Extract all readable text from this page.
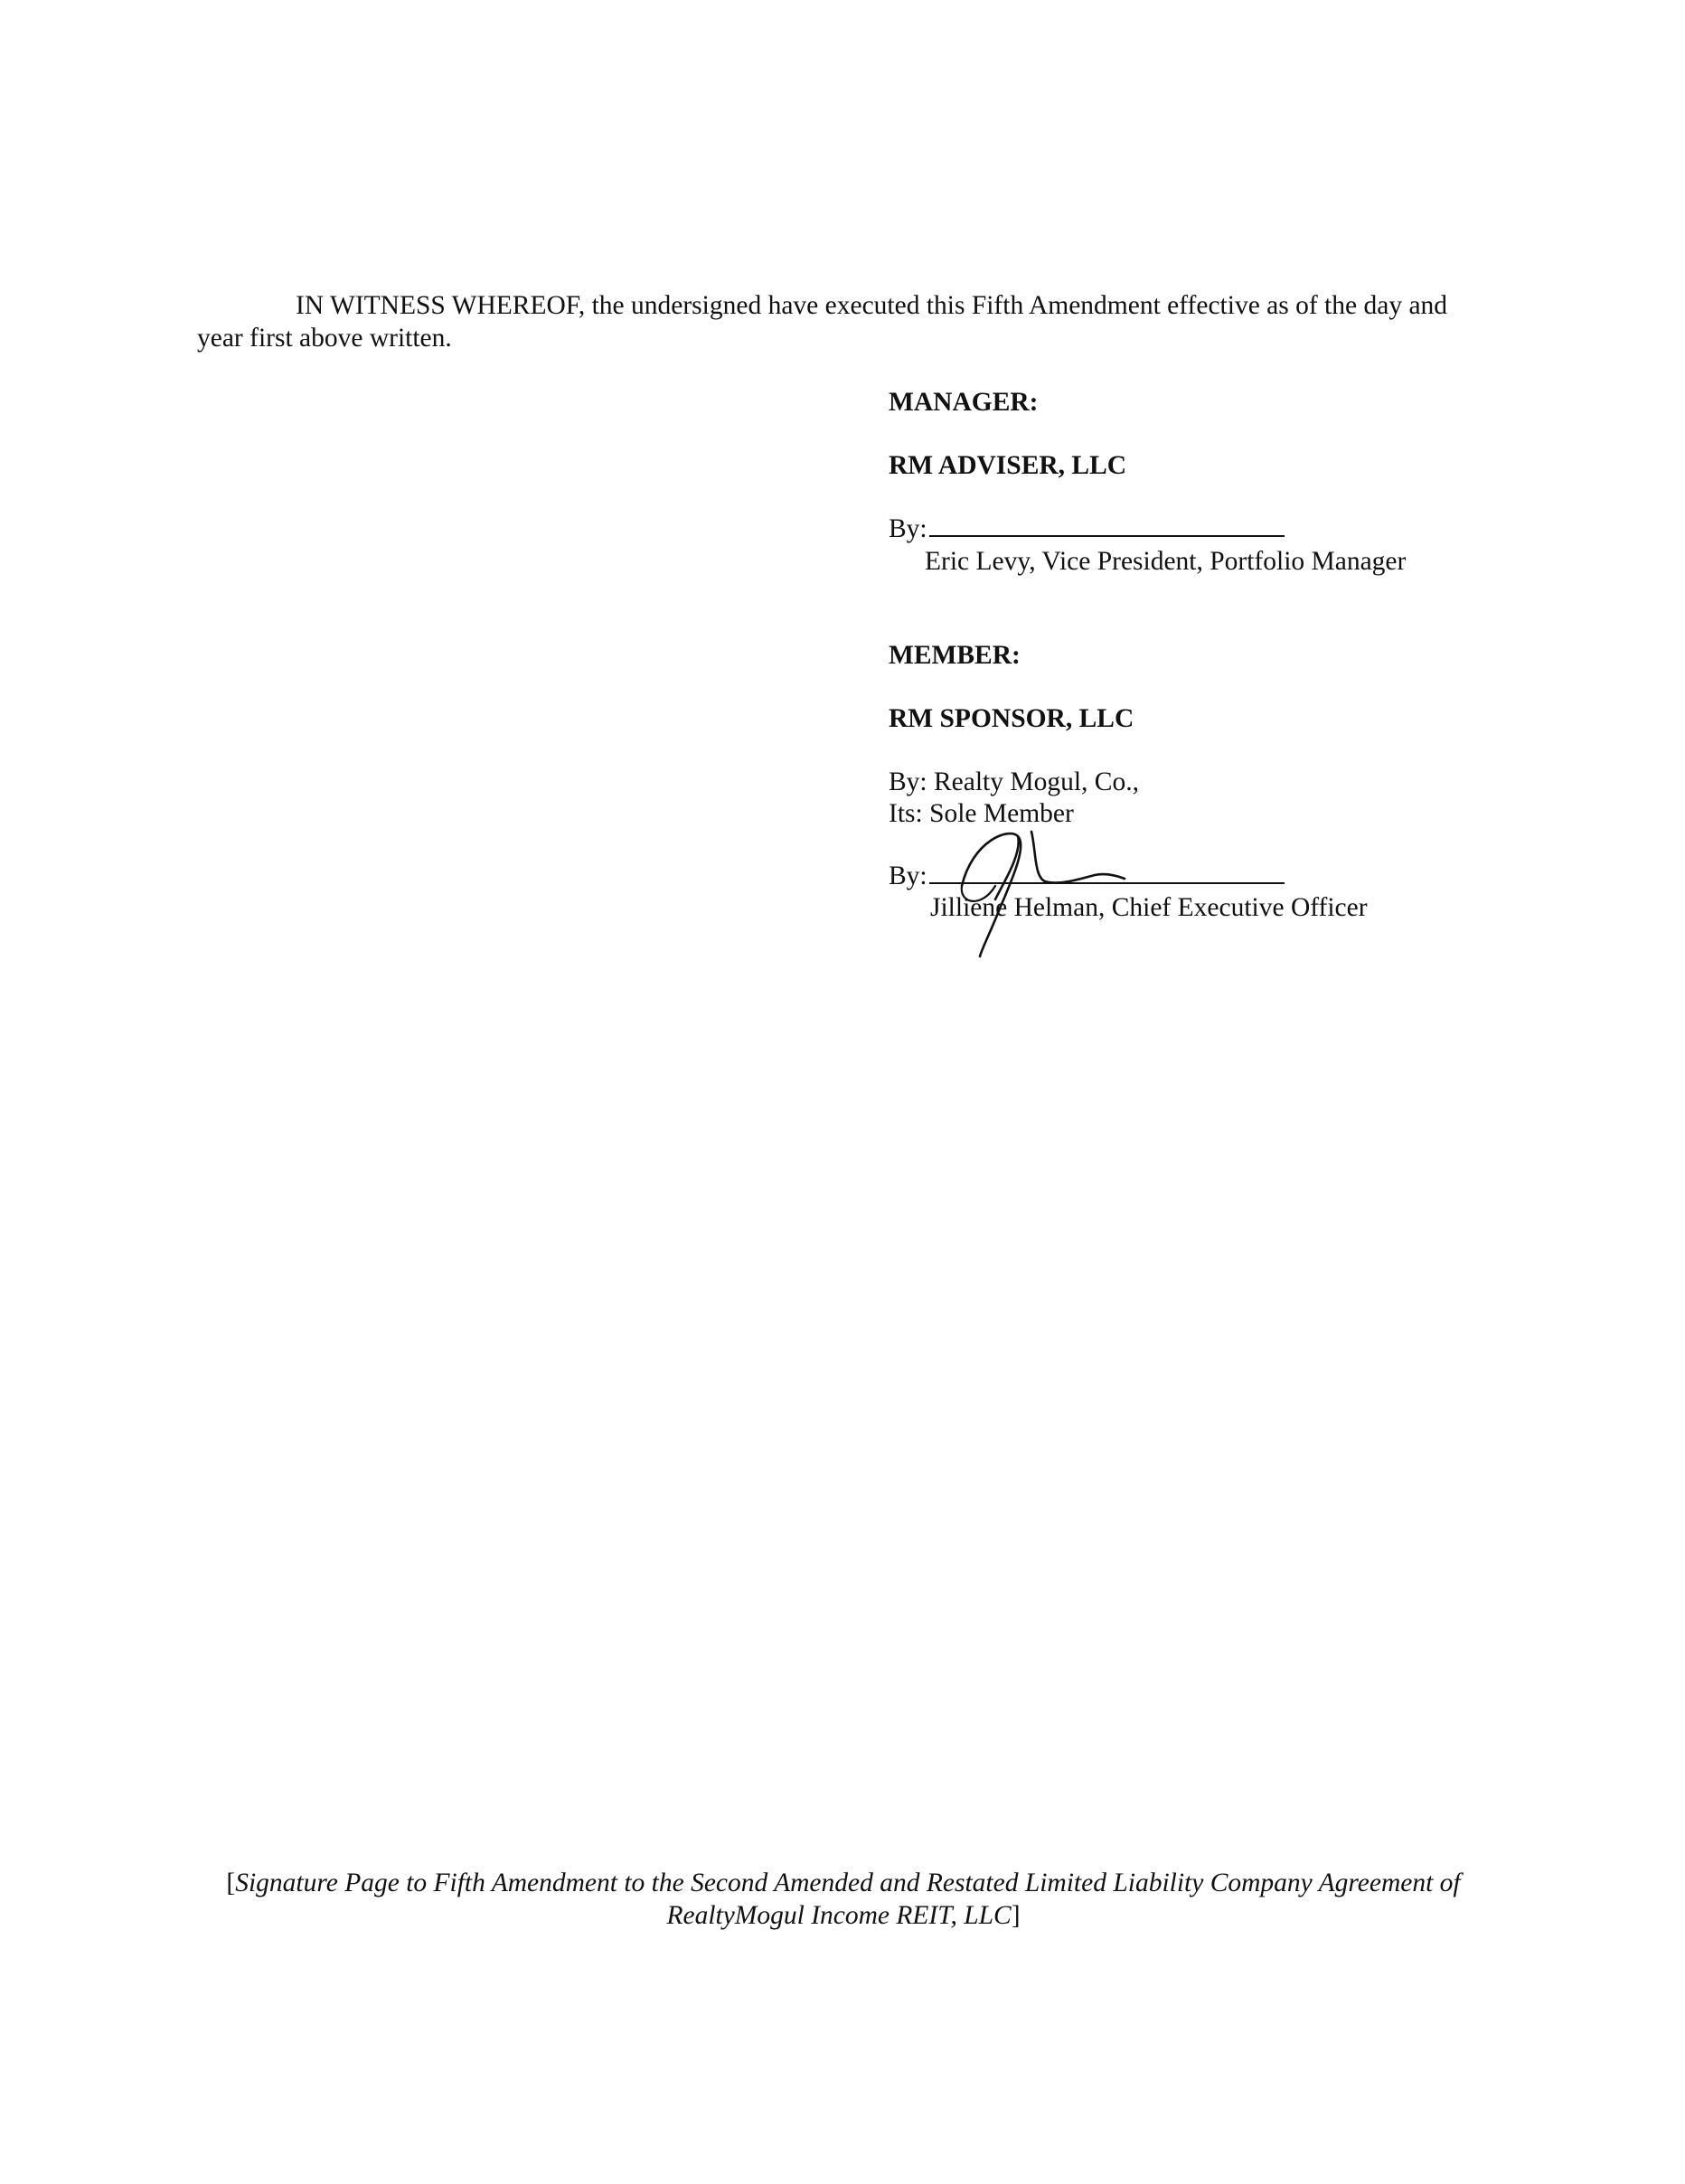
IN WITNESS WHEREOF, the undersigned have executed this Fifth Amendment effective as of the day and
year first above written.
MANAGER:
RM ADVISER, LLC
By:
Eric Levy, Vice President, Portfolio Manager
MEMBER:
RM SPONSOR, LLC
By: Realty Mogul, Co.,
Its: Sole Member
By:
Jilliene Helman, Chief Executive Officer
[Signature Page to Fifth Amendment to the Second Amended and Restated Limited Liability Company Agreement of RealtyMogul Income REIT, LLC]
